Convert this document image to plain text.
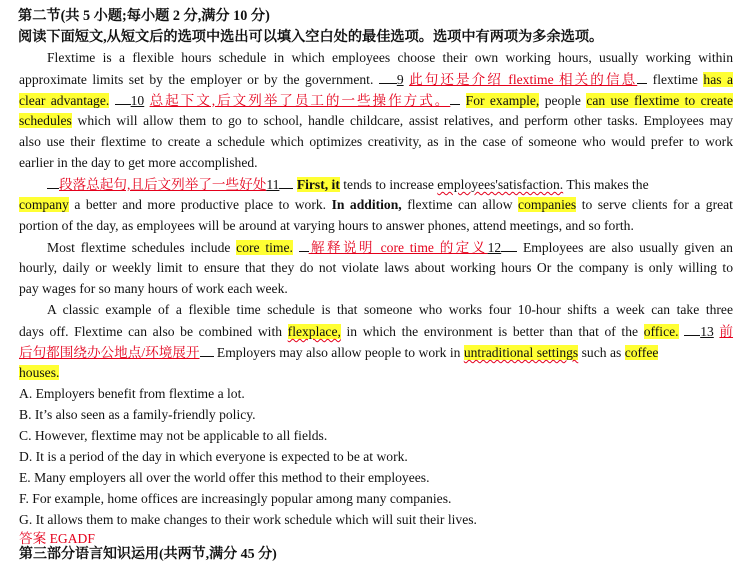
第二节(共 5 小题;每小题 2 分,满分 10 分)
阅读下面短文,从短文后的选项中选出可以填入空白处的最佳选项。选项中有两项为多余选项。
Flextime is a flexible hours schedule in which employees choose their own working hours, usually working within
approximate limits set by the employer or by the government. 9 此句还是介绍 flextime 相关的信息 flextime has a
clear advantage. 10 总起下文,后文列举了员工的一些操作方式。 For example, people can use flextime to create
schedules which will allow them to go to school, handle childcare, assist relatives, and perform other tasks. Employees may
also use their flextime to create a schedule which optimizes creativity, as in the case of someone who would prefer to work
earlier in the day to get more accomplished.
段落总起句,且后文列举了一些好处11 First, it tends to increase employees'satisfaction. This makes the
company a better and more productive place to work. In addition, flextime can allow companies to serve clients for a great
portion of the day, as employees will be around at varying hours to answer phones, attend meetings, and so forth.
Most flextime schedules include core time. 解释说明 core time 的定义12 Employees are also usually given an
hourly, daily or weekly limit to ensure that they do not violate laws about working hours Or the company is only willing to
pay wages for so many hours of work each week.
A classic example of a flexible time schedule is that someone who works four 10-hour shifts a week can take three
days off. Flextime can also be combined with flexplace, in which the environment is better than that of the office. 13 前
后句都围绕办公地点/环境展开 Employers may also allow people to work in untraditional settings such as coffee
houses.
A. Employers benefit from flextime a lot.
B. It’s also seen as a family-friendly policy.
C. However, flextime may not be applicable to all fields.
D. It is a period of the day in which everyone is expected to be at work.
E. Many employers all over the world offer this method to their employees.
F. For example, home offices are increasingly popular among many companies.
G. It allows them to make changes to their work schedule which will suit their lives.
答案 EGADF
第三部分语言知识运用(共两节,满分 45 分)
